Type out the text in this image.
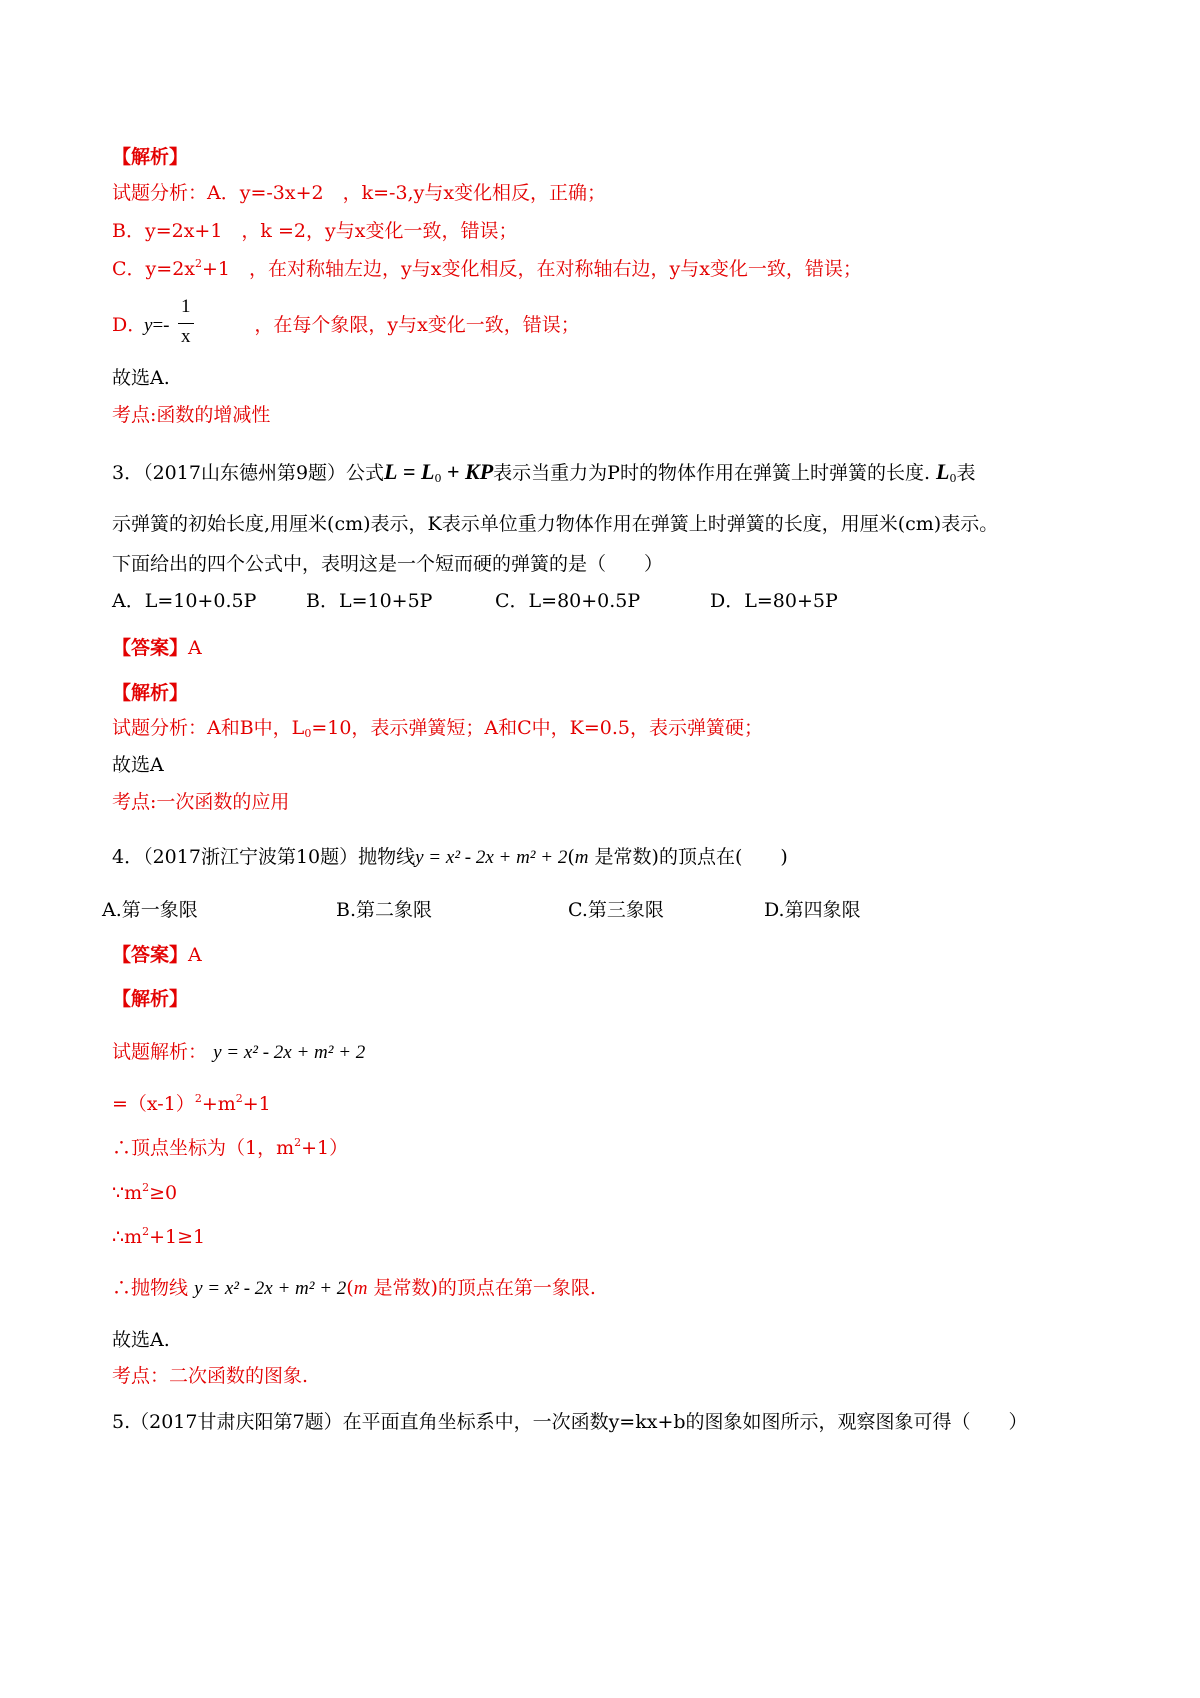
【解析】
试题分析：A．y=-3x+2　，k=-3,y与x变化相反，正确；
B．y=2x+1　，k =2，y与x变化一致，错误；
C．$y=2x^2+1$　，在对称轴左边，y与x变化相反，在对称轴右边，y与x变化一致，错误；
D．	，在每个象限，y与x变化一致，错误；
y=-
1
x
故选A.
考点:函数的增减性
3．（2017山东德州第9题）公式$L = L_0$ + KP表示当重力为P时的物体作用在弹簧上时弹簧的长度. $L_0$表
示弹簧的初始长度,用厘米(cm)表示，K表示单位重力物体作用在弹簧上时弹簧的长度，用厘米(cm)表示。
下面给出的四个公式中，表明这是一个短而硬的弹簧的是（　　）
A．L=10+0.5P	B．L=10+5P	C．L=80+0.5P	D．L=80+5P
【答案】A
【解析】
试题分析：A和B中，$L_0=10$，表示弹簧短；A和C中，K=0.5，表示弹簧硬；
故选A
考点:一次函数的应用
4．（2017浙江宁波第10题）抛物线y = x² - 2x + m² + 2(m 是常数)的顶点在(　　)
A.第一象限	B.第二象限	C.第三象限	D.第四象限
【答案】A
【解析】
试题解析： y = x² - 2x + m² + 2
$=(x-1)^2+m^2+1$
∴顶点坐标为（1，$m^2+1$）
$\because m^2\ge 0$
$\therefore m^2+1\ge 1$
∴抛物线 y = x² - 2x + m² + 2(m 是常数)的顶点在第一象限.
故选A.
考点：二次函数的图象.
5.（2017甘肃庆阳第7题）在平面直角坐标系中，一次函数y=kx+b的图象如图所示，观察图象可得（　　）
